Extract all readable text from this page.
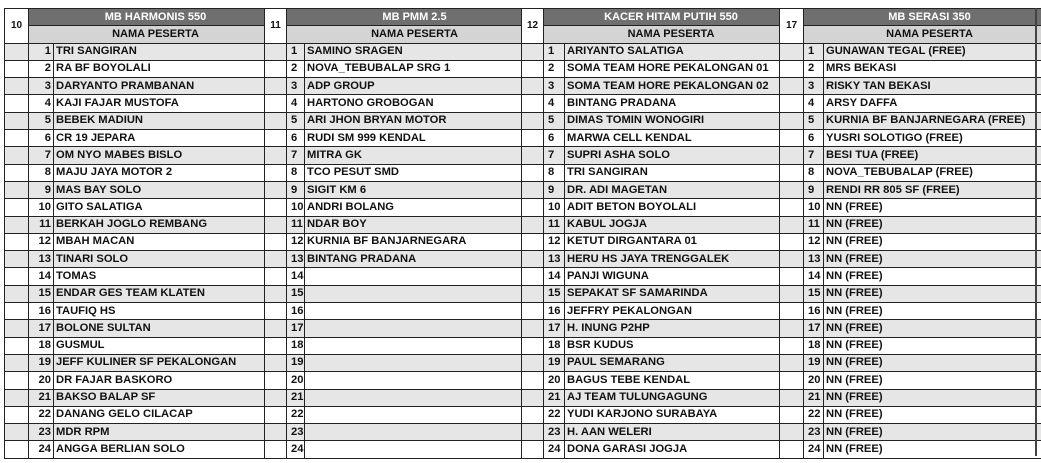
10	MB HARMONIS 550	
	NAMA PESERTA	
	1	TRI SANGIRAN
	2	RA BF BOYOLALI
	3	DARYANTO PRAMBANAN
	4	KAJI FAJAR MUSTOFA
	5	BEBEK MADIUN
	6	CR 19 JEPARA
	7	OM NYO MABES BISLO
	8	MAJU JAYA MOTOR 2
	9	MAS BAY SOLO
	10	GITO SALATIGA
	11	BERKAH JOGLO REMBANG
	12	MBAH MACAN
	13	TINARI SOLO
	14	TOMAS
	15	ENDAR GES TEAM KLATEN
	16	TAUFIQ HS
	17	BOLONE SULTAN
	18	GUSMUL
	19	JEFF KULINER SF PEKALONGAN
	20	DR FAJAR BASKORO
	21	BAKSO BALAP SF
	22	DANANG GELO CILACAP
	23	MDR RPM
	24	ANGGA BERLIAN SOLO
11	MB PMM 2.5	
	NAMA PESERTA	
	1	SAMINO SRAGEN
	2	NOVA_TEBUBALAP SRG 1
	3	ADP GROUP
	4	HARTONO GROBOGAN
	5	ARI JHON BRYAN MOTOR
	6	RUDI SM 999 KENDAL
	7	MITRA GK
	8	TCO PESUT SMD
	9	SIGIT KM 6
	10	ANDRI BOLANG
	11	NDAR BOY
	12	KURNIA BF BANJARNEGARA
	13	BINTANG PRADANA
	14	
	15	
	16	
	17	
	18	
	19	
	20	
	21	
	22	
	23	
	24	
12	KACER HITAM PUTIH 550	
	NAMA PESERTA	
	1	ARIYANTO SALATIGA
	2	SOMA TEAM HORE PEKALONGAN 01
	3	SOMA TEAM HORE PEKALONGAN 02
	4	BINTANG PRADANA
	5	DIMAS TOMIN WONOGIRI
	6	MARWA CELL KENDAL
	7	SUPRI ASHA SOLO
	8	TRI SANGIRAN
	9	DR. ADI MAGETAN
	10	ADIT BETON BOYOLALI
	11	KABUL JOGJA
	12	KETUT DIRGANTARA 01
	13	HERU HS JAYA TRENGGALEK
	14	PANJI WIGUNA
	15	SEPAKAT SF SAMARINDA
	16	JEFFRY PEKALONGAN
	17	H. INUNG P2HP
	18	BSR KUDUS
	19	PAUL SEMARANG
	20	BAGUS TEBE KENDAL
	21	AJ TEAM TULUNGAGUNG
	22	YUDI KARJONO SURABAYA
	23	H. AAN WELERI
	24	DONA GARASI JOGJA
17	MB SERASI 350	
	NAMA PESERTA	
	1	GUNAWAN TEGAL (FREE)
	2	MRS BEKASI
	3	RISKY TAN BEKASI
	4	ARSY DAFFA
	5	KURNIA BF BANJARNEGARA (FREE)
	6	YUSRI SOLOTIGO (FREE)
	7	BESI TUA (FREE)
	8	NOVA_TEBUBALAP (FREE)
	9	RENDI RR 805 SF (FREE)
	10	NN (FREE)
	11	NN (FREE)
	12	NN (FREE)
	13	NN (FREE)
	14	NN (FREE)
	15	NN (FREE)
	16	NN (FREE)
	17	NN (FREE)
	18	NN (FREE)
	19	NN (FREE)
	20	NN (FREE)
	21	NN (FREE)
	22	NN (FREE)
	23	NN (FREE)
	24	NN (FREE)
